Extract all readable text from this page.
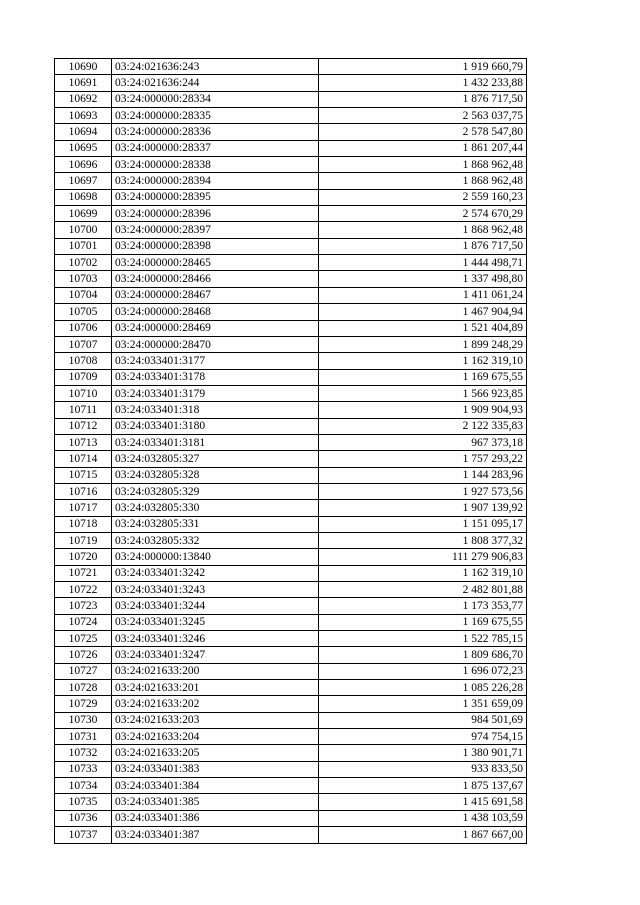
10690	03:24:021636:243	1 919 660,79
10691	03:24:021636:244	1 432 233,88
10692	03:24:000000:28334	1 876 717,50
10693	03:24:000000:28335	2 563 037,75
10694	03:24:000000:28336	2 578 547,80
10695	03:24:000000:28337	1 861 207,44
10696	03:24:000000:28338	1 868 962,48
10697	03:24:000000:28394	1 868 962,48
10698	03:24:000000:28395	2 559 160,23
10699	03:24:000000:28396	2 574 670,29
10700	03:24:000000:28397	1 868 962,48
10701	03:24:000000:28398	1 876 717,50
10702	03:24:000000:28465	1 444 498,71
10703	03:24:000000:28466	1 337 498,80
10704	03:24:000000:28467	1 411 061,24
10705	03:24:000000:28468	1 467 904,94
10706	03:24:000000:28469	1 521 404,89
10707	03:24:000000:28470	1 899 248,29
10708	03:24:033401:3177	1 162 319,10
10709	03:24:033401:3178	1 169 675,55
10710	03:24:033401:3179	1 566 923,85
10711	03:24:033401:318	1 909 904,93
10712	03:24:033401:3180	2 122 335,83
10713	03:24:033401:3181	967 373,18
10714	03:24:032805:327	1 757 293,22
10715	03:24:032805:328	1 144 283,96
10716	03:24:032805:329	1 927 573,56
10717	03:24:032805:330	1 907 139,92
10718	03:24:032805:331	1 151 095,17
10719	03:24:032805:332	1 808 377,32
10720	03:24:000000:13840	111 279 906,83
10721	03:24:033401:3242	1 162 319,10
10722	03:24:033401:3243	2 482 801,88
10723	03:24:033401:3244	1 173 353,77
10724	03:24:033401:3245	1 169 675,55
10725	03:24:033401:3246	1 522 785,15
10726	03:24:033401:3247	1 809 686,70
10727	03:24:021633:200	1 696 072,23
10728	03:24:021633:201	1 085 226,28
10729	03:24:021633:202	1 351 659,09
10730	03:24:021633:203	984 501,69
10731	03:24:021633:204	974 754,15
10732	03:24:021633:205	1 380 901,71
10733	03:24:033401:383	933 833,50
10734	03:24:033401:384	1 875 137,67
10735	03:24:033401:385	1 415 691,58
10736	03:24:033401:386	1 438 103,59
10737	03:24:033401:387	1 867 667,00
